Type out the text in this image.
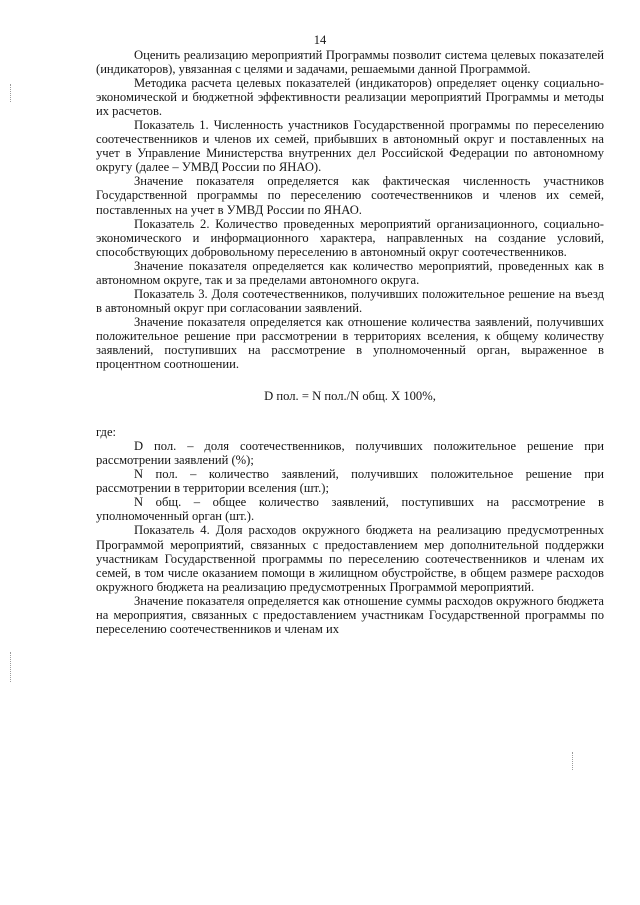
14

Оценить реализацию мероприятий Программы позволит система целевых показателей (индикаторов), увязанная с целями и задачами, решаемыми данной Программой.

Методика расчета целевых показателей (индикаторов) определяет оценку социально-экономической и бюджетной эффективности реализации мероприятий Программы и методы их расчетов.

Показатель 1. Численность участников Государственной программы по переселению соотечественников и членов их семей, прибывших в автономный округ и поставленных на учет в Управление Министерства внутренних дел Российской Федерации по автономному округу (далее – УМВД России по ЯНАО).

Значение показателя определяется как фактическая численность участников Государственной программы по переселению соотечественников и членов их семей, поставленных на учет в УМВД России по ЯНАО.

Показатель 2. Количество проведенных мероприятий организационного, социально-экономического и информационного характера, направленных на создание условий, способствующих добровольному переселению в автономный округ соотечественников.

Значение показателя определяется как количество мероприятий, проведенных как в автономном округе, так и за пределами автономного округа.

Показатель 3. Доля соотечественников, получивших положительное решение на въезд в автономный округ при согласовании заявлений.

Значение показателя определяется как отношение количества заявлений, получивших положительное решение при рассмотрении в территориях вселения, к общему количеству заявлений, поступивших на рассмотрение в уполномоченный орган, выраженное в процентном соотношении.

D пол. = N пол./N общ. X 100%,

где:

D пол. – доля соотечественников, получивших положительное решение при рассмотрении заявлений (%);

N пол. – количество заявлений, получивших положительное решение при рассмотрении в территории вселения (шт.);

N общ. – общее количество заявлений, поступивших на рассмотрение в уполномоченный орган (шт.).

Показатель 4. Доля расходов окружного бюджета на реализацию предусмотренных Программой мероприятий, связанных с предоставлением мер дополнительной поддержки участникам Государственной программы по переселению соотечественников и членам их семей, в том числе оказанием помощи в жилищном обустройстве, в общем размере расходов окружного бюджета на реализацию предусмотренных Программой мероприятий.

Значение показателя определяется как отношение суммы расходов окружного бюджета на мероприятия, связанных с предоставлением участникам Государственной программы по переселению соотечественников и членам их
